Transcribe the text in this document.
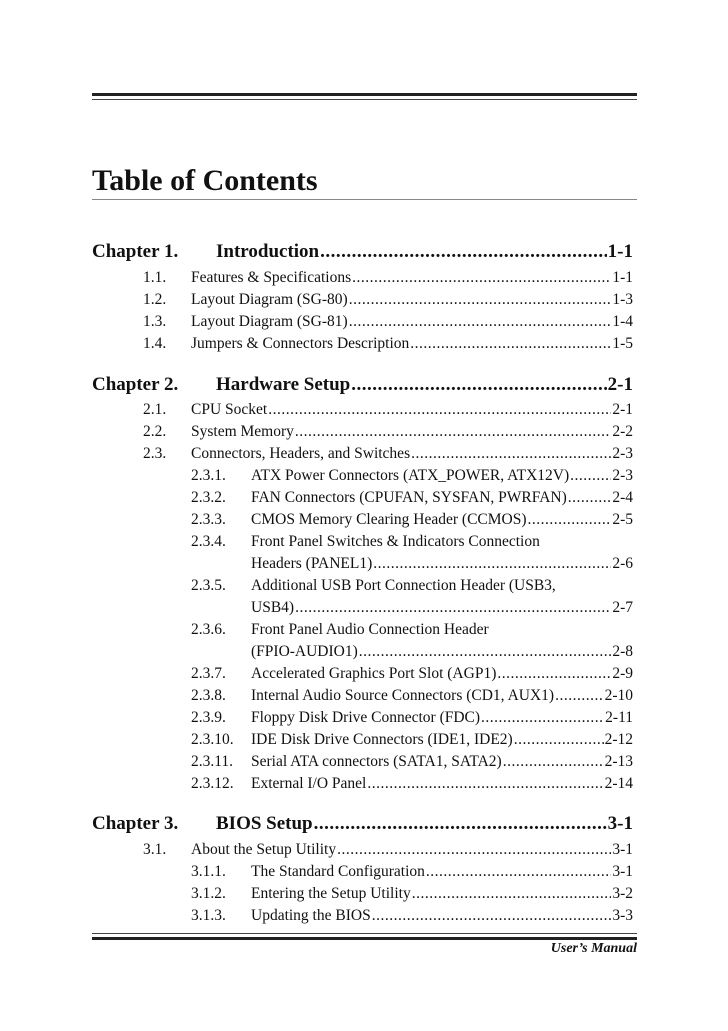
Table of Contents
Chapter 1.	Introduction .....	1-1
1.1.	Features & Specifications .....	1-1
1.2.	Layout Diagram (SG-80) .....	1-3
1.3.	Layout Diagram (SG-81) .....	1-4
1.4.	Jumpers & Connectors Description .....	1-5
Chapter 2.	Hardware Setup .....	2-1
2.1.	CPU Socket .....	2-1
2.2.	System Memory .....	2-2
2.3.	Connectors, Headers, and Switches .....	2-3
2.3.1.	ATX Power Connectors (ATX_POWER, ATX12V) .....	2-3
2.3.2.	FAN Connectors (CPUFAN, SYSFAN, PWRFAN) .....	2-4
2.3.3.	CMOS Memory Clearing Header (CCMOS) .....	2-5
2.3.4. Front Panel Switches & Indicators Connection
Headers (PANEL1) .....	2-6
2.3.5. Additional USB Port Connection Header (USB3,
USB4) .....	2-7
2.3.6. Front Panel Audio Connection Header
(FPIO-AUDIO1) .....	2-8
2.3.7.	Accelerated Graphics Port Slot (AGP1) .....	2-9
2.3.8.	Internal Audio Source Connectors (CD1, AUX1) .....	2-10
2.3.9.	Floppy Disk Drive Connector (FDC) .....	2-11
2.3.10.	IDE Disk Drive Connectors (IDE1, IDE2) .....	2-12
2.3.11.	Serial ATA connectors (SATA1, SATA2) .....	2-13
2.3.12.	External I/O Panel .....	2-14
Chapter 3.	BIOS Setup .....	3-1
3.1.	About the Setup Utility .....	3-1
3.1.1.	The Standard Configuration .....	3-1
3.1.2.	Entering the Setup Utility .....	3-2
3.1.3.	Updating the BIOS .....	3-3
User’s Manual
